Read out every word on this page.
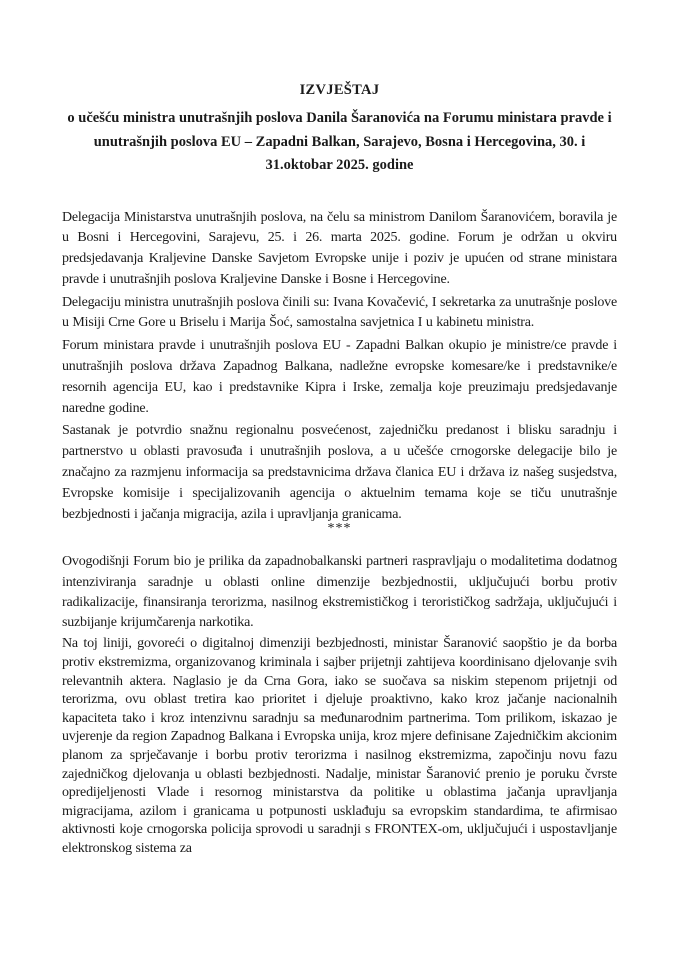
IZVJEŠTAJ
o učešću ministra unutrašnjih poslova Danila Šaranovića na Forumu ministara pravde i
unutrašnjih poslova EU – Zapadni Balkan, Sarajevo, Bosna i Hercegovina, 30. i
31.oktobar 2025. godine

Delegacija Ministarstva unutrašnjih poslova, na čelu sa ministrom Danilom Šaranovićem, boravila je u Bosni i Hercegovini, Sarajevu, 25. i 26. marta 2025. godine. Forum je održan u okviru predsjedavanja Kraljevine Danske Savjetom Evropske unije i poziv je upućen od strane ministara pravde i unutrašnjih poslova Kraljevine Danske i Bosne i Hercegovine.

Delegaciju ministra unutrašnjih poslova činili su: Ivana Kovačević, I sekretarka za unutrašnje poslove u Misiji Crne Gore u Briselu i Marija Šoć, samostalna savjetnica I u kabinetu ministra.

Forum ministara pravde i unutrašnjih poslova EU - Zapadni Balkan okupio je ministre/ce pravde i unutrašnjih poslova država Zapadnog Balkana, nadležne evropske komesare/ke i predstavnike/e resornih agencija EU, kao i predstavnike Kipra i Irske, zemalja koje preuzimaju predsjedavanje naredne godine.

Sastanak je potvrdio snažnu regionalnu posvećenost, zajedničku predanost i blisku saradnju i partnerstvo u oblasti pravosuđa i unutrašnjih poslova, a u učešće crnogorske delegacije bilo je značajno za razmjenu informacija sa predstavnicima država članica EU i država iz našeg susjedstva, Evropske komisije i specijalizovanih agencija o aktuelnim temama koje se tiču unutrašnje bezbjednosti i jačanja migracija, azila i upravljanja granicama.

***

Ovogodišnji Forum bio je prilika da zapadnobalkanski partneri raspravljaju o modalitetima dodatnog intenziviranja saradnje u oblasti online dimenzije bezbjednostii, uključujući borbu protiv radikalizacije, finansiranja terorizma, nasilnog ekstremističkog i terorističkog sadržaja, uključujući i suzbijanje krijumčarenja narkotika.

Na toj liniji, govoreći o digitalnoj dimenziji bezbjednosti, ministar Šaranović saopštio je da borba protiv ekstremizma, organizovanog kriminala i sajber prijetnji zahtijeva koordinisano djelovanje svih relevantnih aktera. Naglasio je da Crna Gora, iako se suočava sa niskim stepenom prijetnji od terorizma, ovu oblast tretira kao prioritet i djeluje proaktivno, kako kroz jačanje nacionalnih kapaciteta tako i kroz intenzivnu saradnju sa međunarodnim partnerima. Tom prilikom, iskazao je uvjerenje da region Zapadnog Balkana i Evropska unija, kroz mjere definisane Zajedničkim akcionim planom za sprječavanje i borbu protiv terorizma i nasilnog ekstremizma, započinju novu fazu zajedničkog djelovanja u oblasti bezbjednosti. Nadalje, ministar Šaranović prenio je poruku čvrste opredijeljenosti Vlade i resornog ministarstva da politike u oblastima jačanja upravljanja migracijama, azilom i granicama u potpunosti usklađuju sa evropskim standardima, te afirmisao aktivnosti koje crnogorska policija sprovodi u saradnji s FRONTEX-om, uključujući i uspostavljanje elektronskog sistema za
